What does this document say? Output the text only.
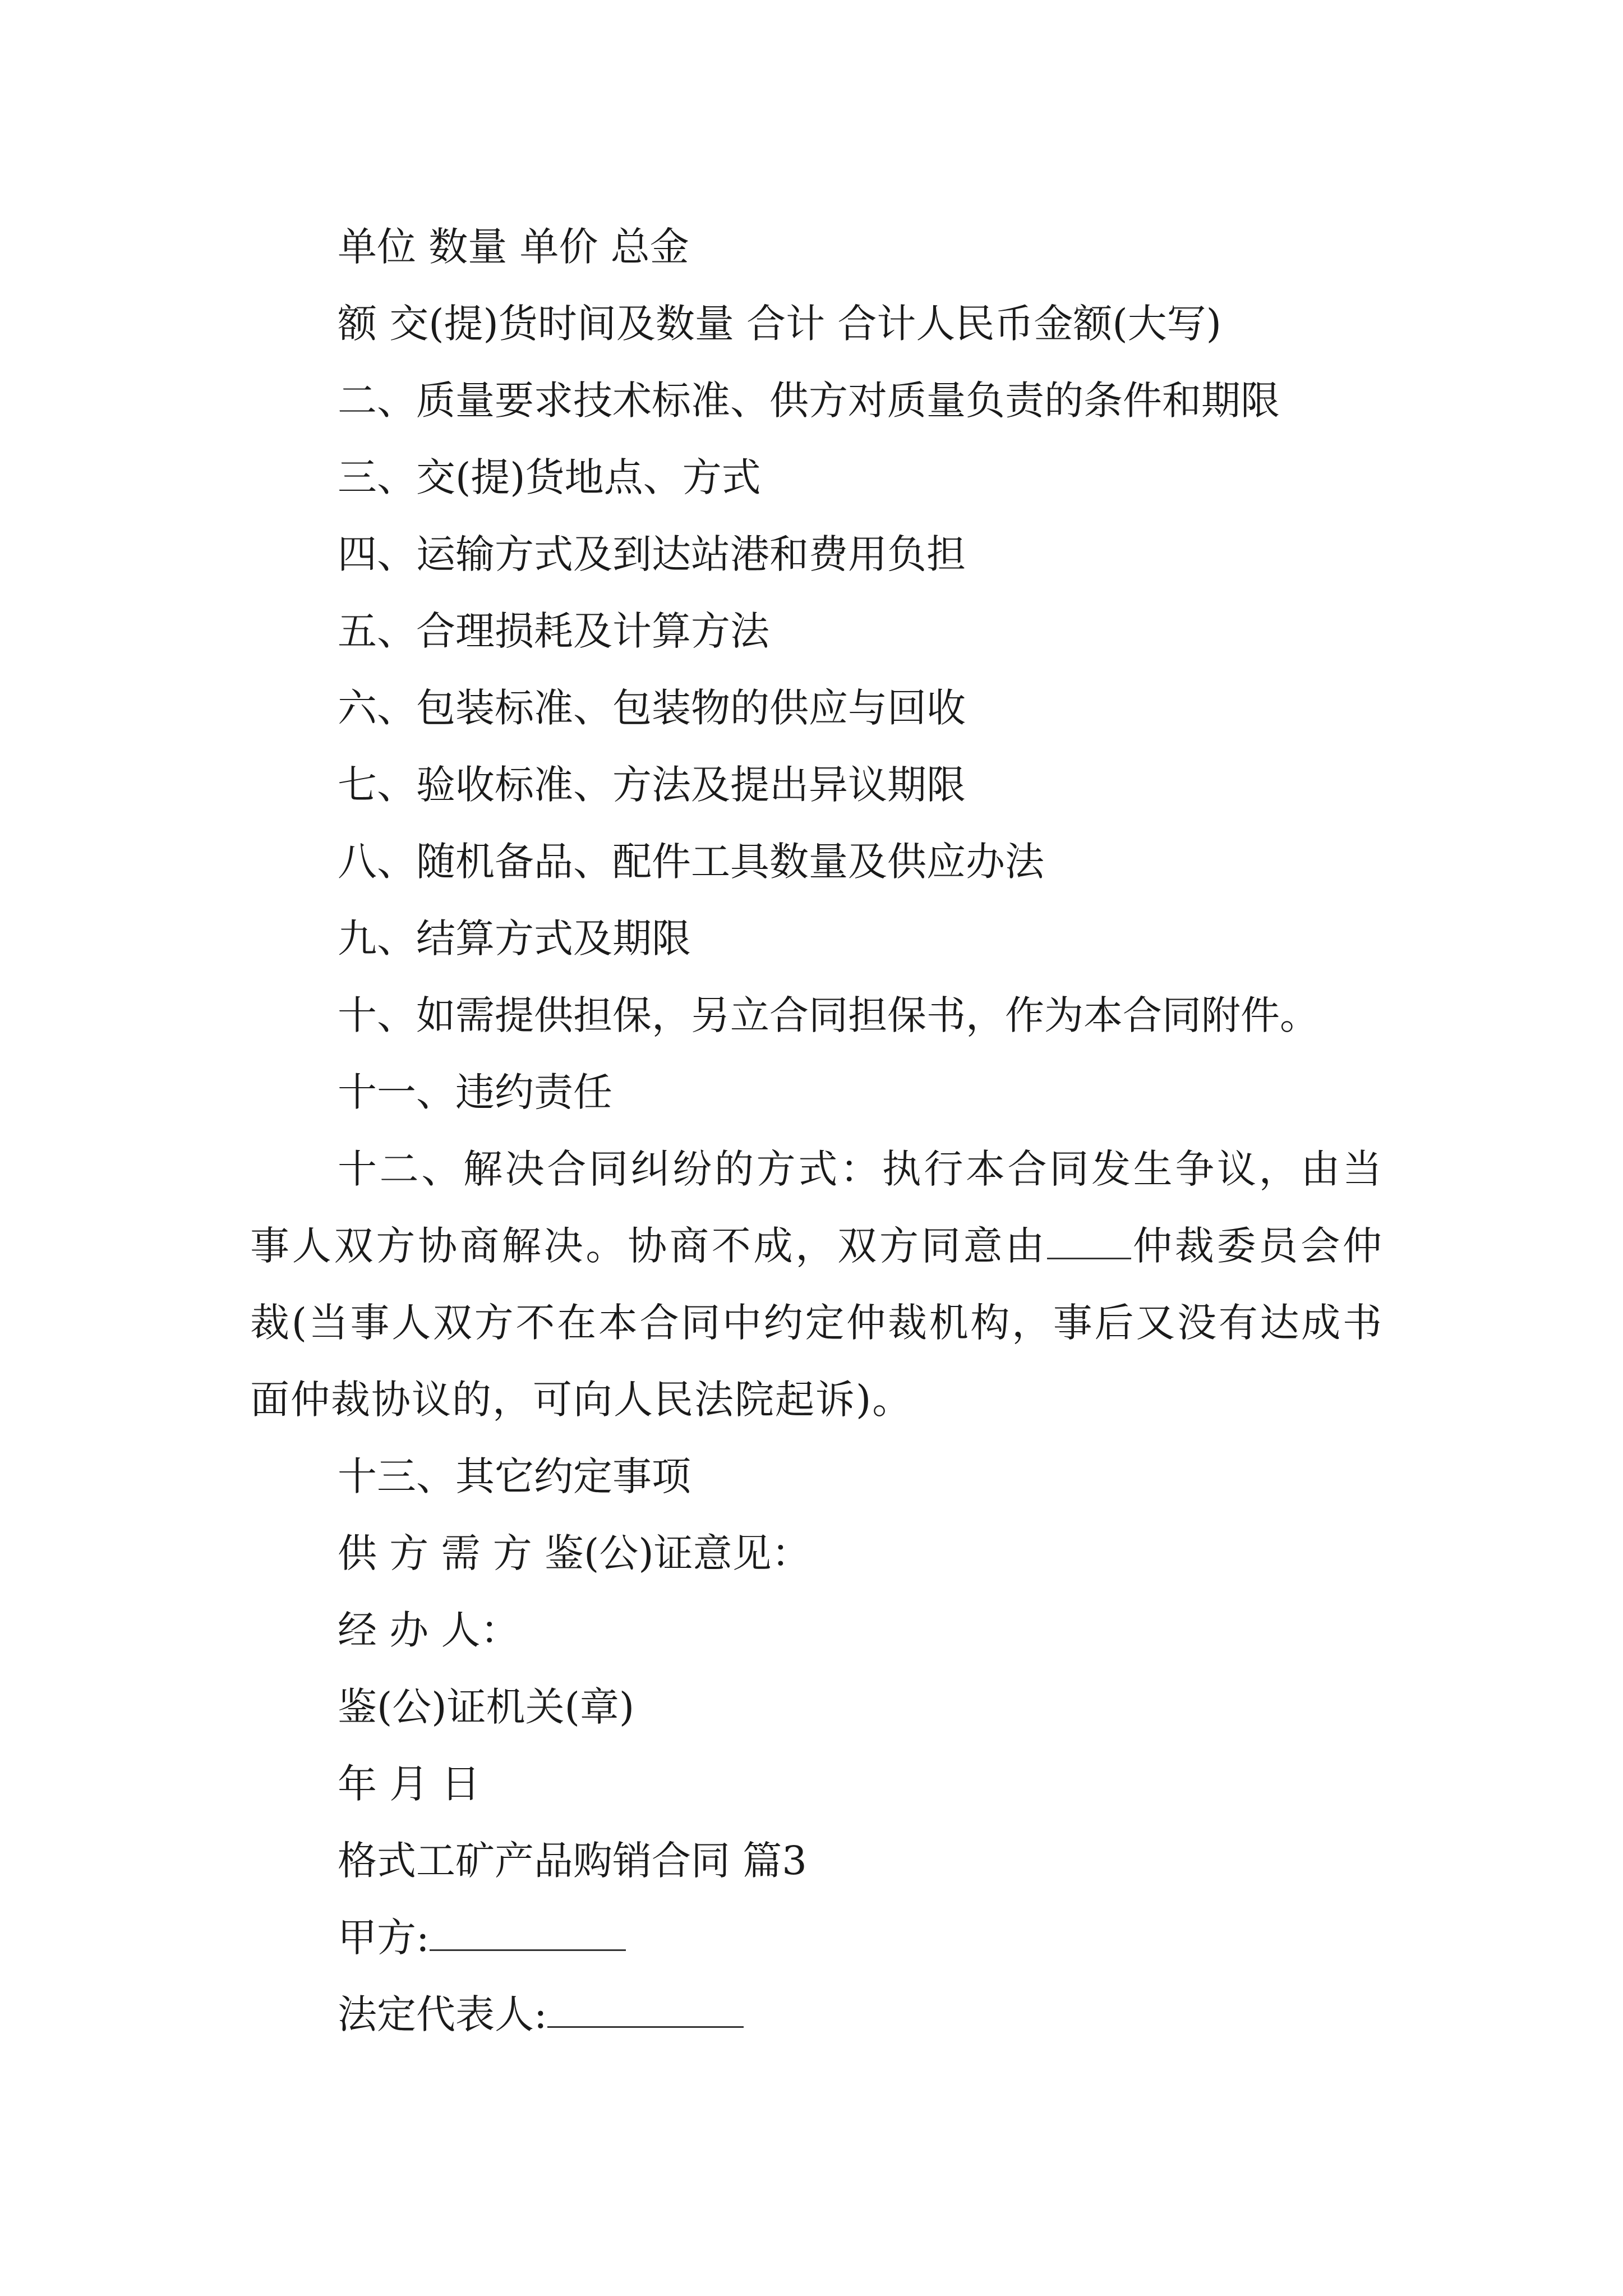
单位 数量 单价 总金

额 交(提)货时间及数量 合计 合计人民币金额(大写)

二、质量要求技术标准、供方对质量负责的条件和期限

三、交(提)货地点、方式

四、运输方式及到达站港和费用负担

五、合理损耗及计算方法

六、包装标准、包装物的供应与回收

七、验收标准、方法及提出异议期限

八、随机备品、配件工具数量及供应办法

九、结算方式及期限

十、如需提供担保，另立合同担保书，作为本合同附件。

十一、违约责任

十二、解决合同纠纷的方式：执行本合同发生争议，由当事人双方协商解决。协商不成，双方同意由 仲裁委员会仲裁(当事人双方不在本合同中约定仲裁机构，事后又没有达成书面仲裁协议的，可向人民法院起诉)。

十三、其它约定事项

供 方 需 方 鉴(公)证意见：

经 办 人：

鉴(公)证机关(章)

年 月 日

格式工矿产品购销合同 篇3

甲方:

法定代表人:
